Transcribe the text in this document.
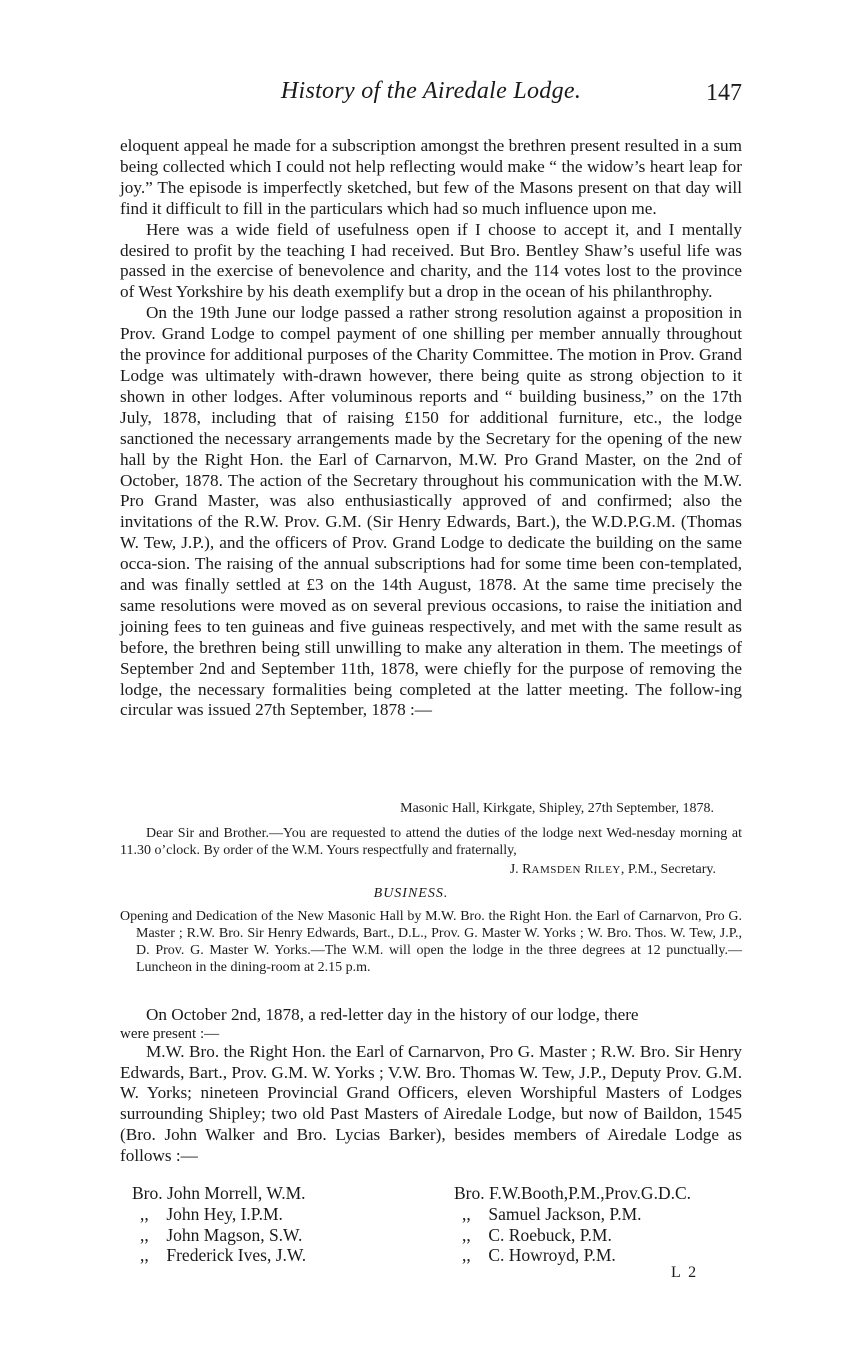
History of the Airedale Lodge.	147

eloquent appeal he made for a subscription amongst the brethren present resulted in a sum being collected which I could not help reflecting would make “ the widow’s heart leap for joy.” The episode is imperfectly sketched, but few of the Masons present on that day will find it difficult to fill in the particulars which had so much influence upon me.

Here was a wide field of usefulness open if I choose to accept it, and I mentally desired to profit by the teaching I had received. But Bro. Bentley Shaw’s useful life was passed in the exercise of benevolence and charity, and the 114 votes lost to the province of West Yorkshire by his death exemplify but a drop in the ocean of his philanthrophy.

On the 19th June our lodge passed a rather strong resolution against a proposition in Prov. Grand Lodge to compel payment of one shilling per member annually throughout the province for additional purposes of the Charity Committee. The motion in Prov. Grand Lodge was ultimately with-drawn however, there being quite as strong objection to it shown in other lodges. After voluminous reports and “ building business,” on the 17th July, 1878, including that of raising £150 for additional furniture, etc., the lodge sanctioned the necessary arrangements made by the Secretary for the opening of the new hall by the Right Hon. the Earl of Carnarvon, M.W. Pro Grand Master, on the 2nd of October, 1878. The action of the Secretary throughout his communication with the M.W. Pro Grand Master, was also enthusiastically approved of and confirmed; also the invitations of the R.W. Prov. G.M. (Sir Henry Edwards, Bart.), the W.D.P.G.M. (Thomas W. Tew, J.P.), and the officers of Prov. Grand Lodge to dedicate the building on the same occa-sion. The raising of the annual subscriptions had for some time been con-templated, and was finally settled at £3 on the 14th August, 1878. At the same time precisely the same resolutions were moved as on several previous occasions, to raise the initiation and joining fees to ten guineas and five guineas respectively, and met with the same result as before, the brethren being still unwilling to make any alteration in them. The meetings of September 2nd and September 11th, 1878, were chiefly for the purpose of removing the lodge, the necessary formalities being completed at the latter meeting. The follow-ing circular was issued 27th September, 1878 :—

Masonic Hall, Kirkgate, Shipley, 27th September, 1878.

Dear Sir and Brother.—You are requested to attend the duties of the lodge next Wed-nesday morning at 11.30 o’clock. By order of the W.M. Yours respectfully and fraternally,

J. RAMSDEN RILEY, P.M., Secretary.

BUSINESS.

Opening and Dedication of the New Masonic Hall by M.W. Bro. the Right Hon. the Earl of Carnarvon, Pro G. Master ; R.W. Bro. Sir Henry Edwards, Bart., D.L., Prov. G. Master W. Yorks ; W. Bro. Thos. W. Tew, J.P., D. Prov. G. Master W. Yorks.—The W.M. will open the lodge in the three degrees at 12 punctually.—Luncheon in the dining-room at 2.15 p.m.

On October 2nd, 1878, a red-letter day in the history of our lodge, there

were present :—

M.W. Bro. the Right Hon. the Earl of Carnarvon, Pro G. Master ; R.W. Bro. Sir Henry Edwards, Bart., Prov. G.M. W. Yorks ; V.W. Bro. Thomas W. Tew, J.P., Deputy Prov. G.M. W. Yorks; nineteen Provincial Grand Officers, eleven Worshipful Masters of Lodges surrounding Shipley; two old Past Masters of Airedale Lodge, but now of Baildon, 1545 (Bro. John Walker and Bro. Lycias Barker), besides members of Airedale Lodge as follows :—

Bro. John Morrell, W.M.
,, John Hey, I.P.M.
,, John Magson, S.W.
,, Frederick Ives, J.W.
Bro. F.W.Booth,P.M.,Prov.G.D.C.
,, Samuel Jackson, P.M.
,, C. Roebuck, P.M.
,, C. Howroyd, P.M.
L 2
